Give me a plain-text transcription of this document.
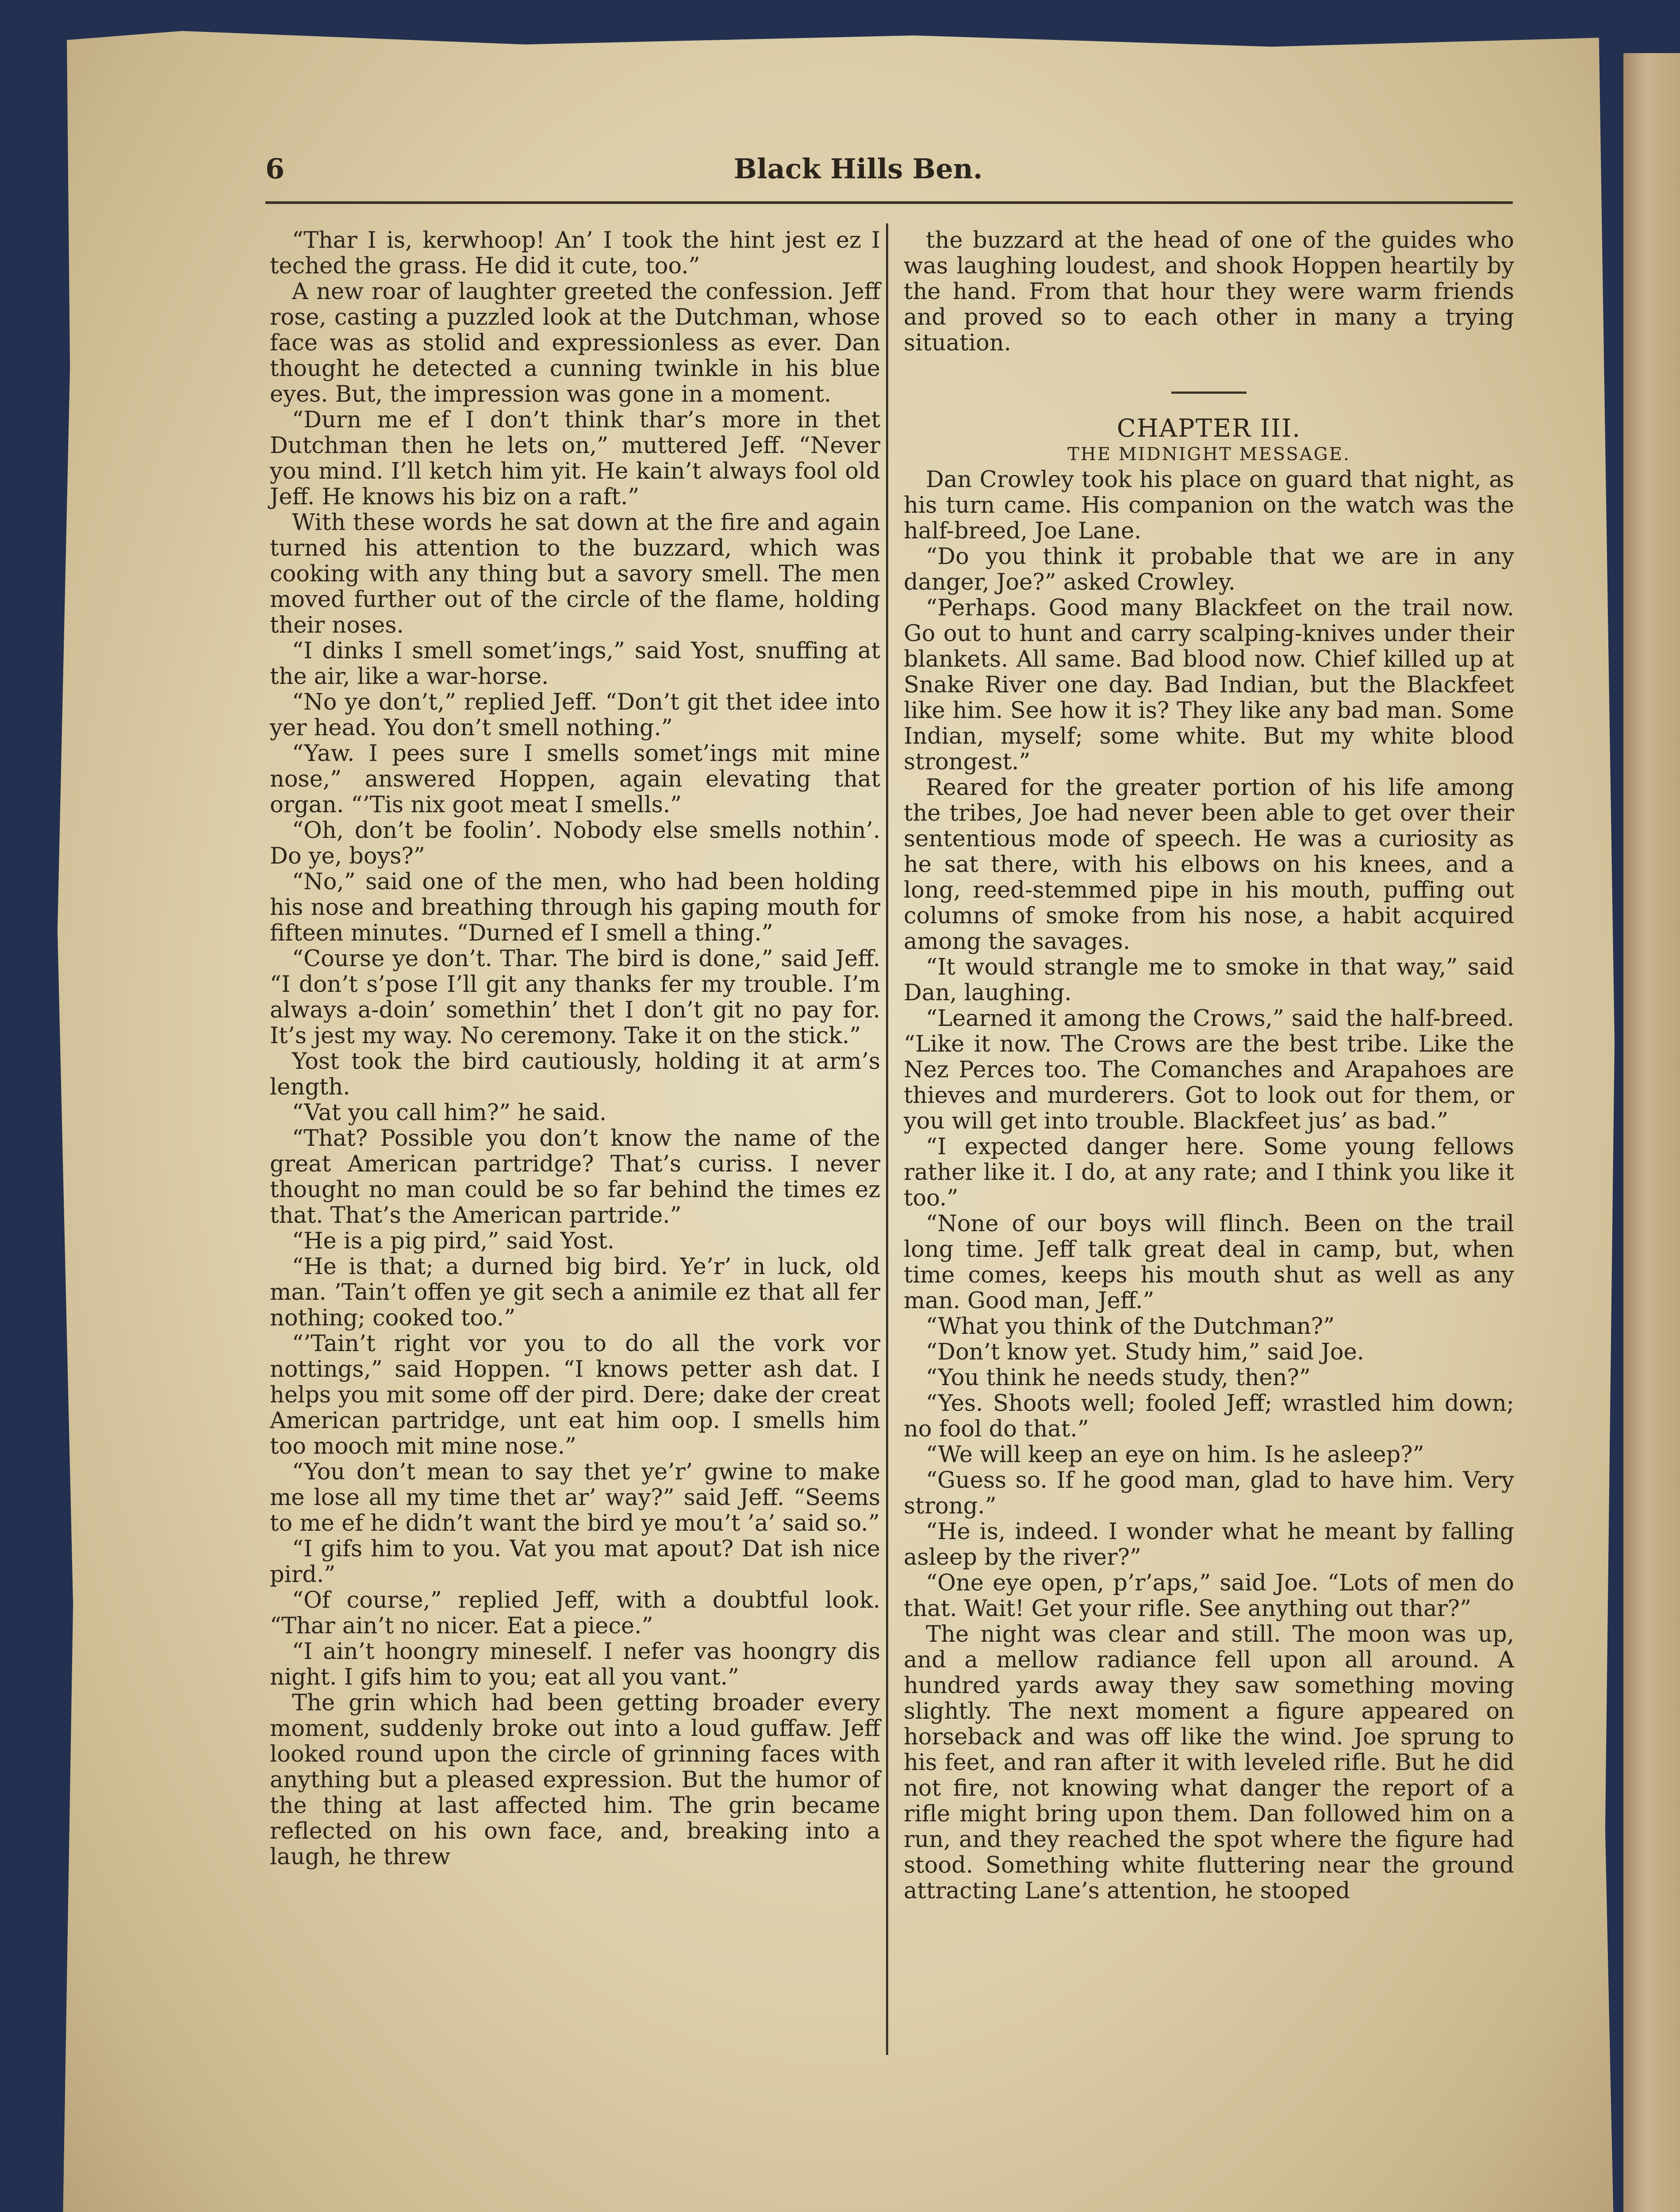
6	Black Hills Ben.

“Thar I is, kerwhoop! An’ I took the hint jest ez I teched the grass. He did it cute, too.”

A new roar of laughter greeted the confession. Jeff rose, casting a puzzled look at the Dutchman, whose face was as stolid and expressionless as ever. Dan thought he detected a cunning twinkle in his blue eyes. But, the impression was gone in a moment.

“Durn me ef I don’t think thar’s more in thet Dutchman then he lets on,” muttered Jeff. “Never you mind. I’ll ketch him yit. He kain’t always fool old Jeff. He knows his biz on a raft.”

With these words he sat down at the fire and again turned his attention to the buzzard, which was cooking with any thing but a savory smell. The men moved further out of the circle of the flame, holding their noses.

“I dinks I smell somet’ings,” said Yost, snuffing at the air, like a war-horse.

“No ye don’t,” replied Jeff. “Don’t git thet idee into yer head. You don’t smell nothing.”

“Yaw. I pees sure I smells somet’ings mit mine nose,” answered Hoppen, again elevating that organ. “’Tis nix goot meat I smells.”

“Oh, don’t be foolin’. Nobody else smells nothin’. Do ye, boys?”

“No,” said one of the men, who had been holding his nose and breathing through his gaping mouth for fifteen minutes. “Durned ef I smell a thing.”

“Course ye don’t. Thar. The bird is done,” said Jeff. “I don’t s’pose I’ll git any thanks fer my trouble. I’m always a-doin’ somethin’ thet I don’t git no pay for. It’s jest my way. No ceremony. Take it on the stick.”

Yost took the bird cautiously, holding it at arm’s length.

“Vat you call him?” he said.

“That? Possible you don’t know the name of the great American partridge? That’s curiss. I never thought no man could be so far behind the times ez that. That’s the American partride.”

“He is a pig pird,” said Yost.

“He is that; a durned big bird. Ye’r’ in luck, old man. ’Tain’t offen ye git sech a animile ez that all fer nothing; cooked too.”

“’Tain’t right vor you to do all the vork vor nottings,” said Hoppen. “I knows petter ash dat. I helps you mit some off der pird. Dere; dake der creat American partridge, unt eat him oop. I smells him too mooch mit mine nose.”

“You don’t mean to say thet ye’r’ gwine to make me lose all my time thet ar’ way?” said Jeff. “Seems to me ef he didn’t want the bird ye mou’t ’a’ said so.”

“I gifs him to you. Vat you mat apout? Dat ish nice pird.”

“Of course,” replied Jeff, with a doubtful look. “Thar ain’t no nicer. Eat a piece.”

“I ain’t hoongry mineself. I nefer vas hoongry dis night. I gifs him to you; eat all you vant.”

The grin which had been getting broader every moment, suddenly broke out into a loud guffaw. Jeff looked round upon the circle of grinning faces with anything but a pleased expression. But the humor of the thing at last affected him. The grin became reflected on his own face, and, breaking into a laugh, he threw

the buzzard at the head of one of the guides who was laughing loudest, and shook Hoppen heartily by the hand. From that hour they were warm friends and proved so to each other in many a trying situation.

CHAPTER III.

THE MIDNIGHT MESSAGE.

Dan Crowley took his place on guard that night, as his turn came. His companion on the watch was the half-breed, Joe Lane.

“Do you think it probable that we are in any danger, Joe?” asked Crowley.

“Perhaps. Good many Blackfeet on the trail now. Go out to hunt and carry scalping-knives under their blankets. All same. Bad blood now. Chief killed up at Snake River one day. Bad Indian, but the Blackfeet like him. See how it is? They like any bad man. Some Indian, myself; some white. But my white blood strongest.”

Reared for the greater portion of his life among the tribes, Joe had never been able to get over their sententious mode of speech. He was a curiosity as he sat there, with his elbows on his knees, and a long, reed-stemmed pipe in his mouth, puffing out columns of smoke from his nose, a habit acquired among the savages.

“It would strangle me to smoke in that way,” said Dan, laughing.

“Learned it among the Crows,” said the half-breed. “Like it now. The Crows are the best tribe. Like the Nez Perces too. The Comanches and Arapahoes are thieves and murderers. Got to look out for them, or you will get into trouble. Blackfeet jus’ as bad.”

“I expected danger here. Some young fellows rather like it. I do, at any rate; and I think you like it too.”

“None of our boys will flinch. Been on the trail long time. Jeff talk great deal in camp, but, when time comes, keeps his mouth shut as well as any man. Good man, Jeff.”

“What you think of the Dutchman?”

“Don’t know yet. Study him,” said Joe.

“You think he needs study, then?”

“Yes. Shoots well; fooled Jeff; wrastled him down; no fool do that.”

“We will keep an eye on him. Is he asleep?”

“Guess so. If he good man, glad to have him. Very strong.”

“He is, indeed. I wonder what he meant by falling asleep by the river?”

“One eye open, p’r’aps,” said Joe. “Lots of men do that. Wait! Get your rifle. See anything out thar?”

The night was clear and still. The moon was up, and a mellow radiance fell upon all around. A hundred yards away they saw something moving slightly. The next moment a figure appeared on horseback and was off like the wind. Joe sprung to his feet, and ran after it with leveled rifle. But he did not fire, not knowing what danger the report of a rifle might bring upon them. Dan followed him on a run, and they reached the spot where the figure had stood. Something white fluttering near the ground attracting Lane’s attention, he stooped
